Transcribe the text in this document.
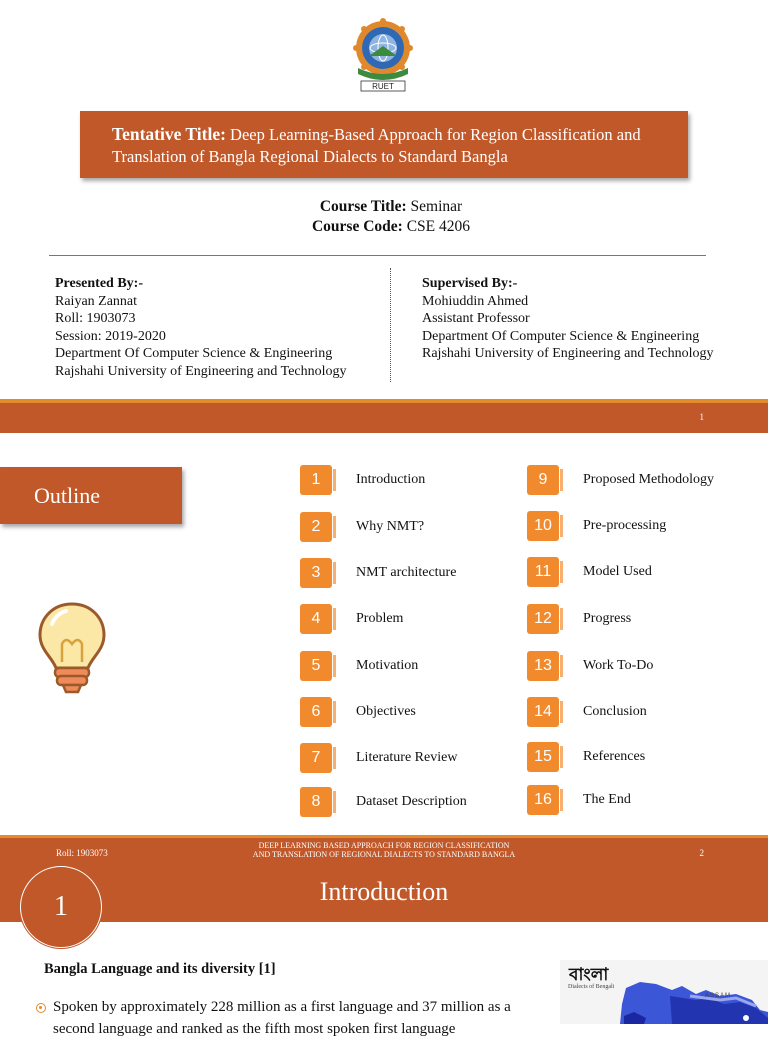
RUET
Tentative Title: Deep Learning-Based Approach for Region Classification and Translation of Bangla Regional Dialects to Standard Bangla
Course Title: Seminar
Course Code: CSE 4206
Presented By:-
Raiyan Zannat
Roll: 1903073
Session: 2019-2020
Department Of Computer Science & Engineering
Rajshahi University of Engineering and Technology
Supervised By:-
Mohiuddin Ahmed
Assistant Professor
Department Of Computer Science & Engineering
Rajshahi University of Engineering and Technology
1
Outline
1	Introduction
2	Why NMT?
3	NMT architecture
4	Problem
5	Motivation
6	Objectives
7	Literature Review
8	Dataset Description
9	Proposed Methodology
10	Pre-processing
11	Model Used
12	Progress
13	Work To-Do
14	Conclusion
15	References
16	The End
Roll: 1903073
DEEP LEARNING BASED APPROACH FOR REGION CLASSIFICATION
AND TRANSLATION OF REGIONAL DIALECTS TO STANDARD BANGLA	2
Introduction
1
Bangla Language and its diversity [1]
Spoken by approximately 228 million as a first language and 37 million as a second language and ranked as the fifth most spoken first language
বাংলা
Dialects of Bengali
ASSAM
